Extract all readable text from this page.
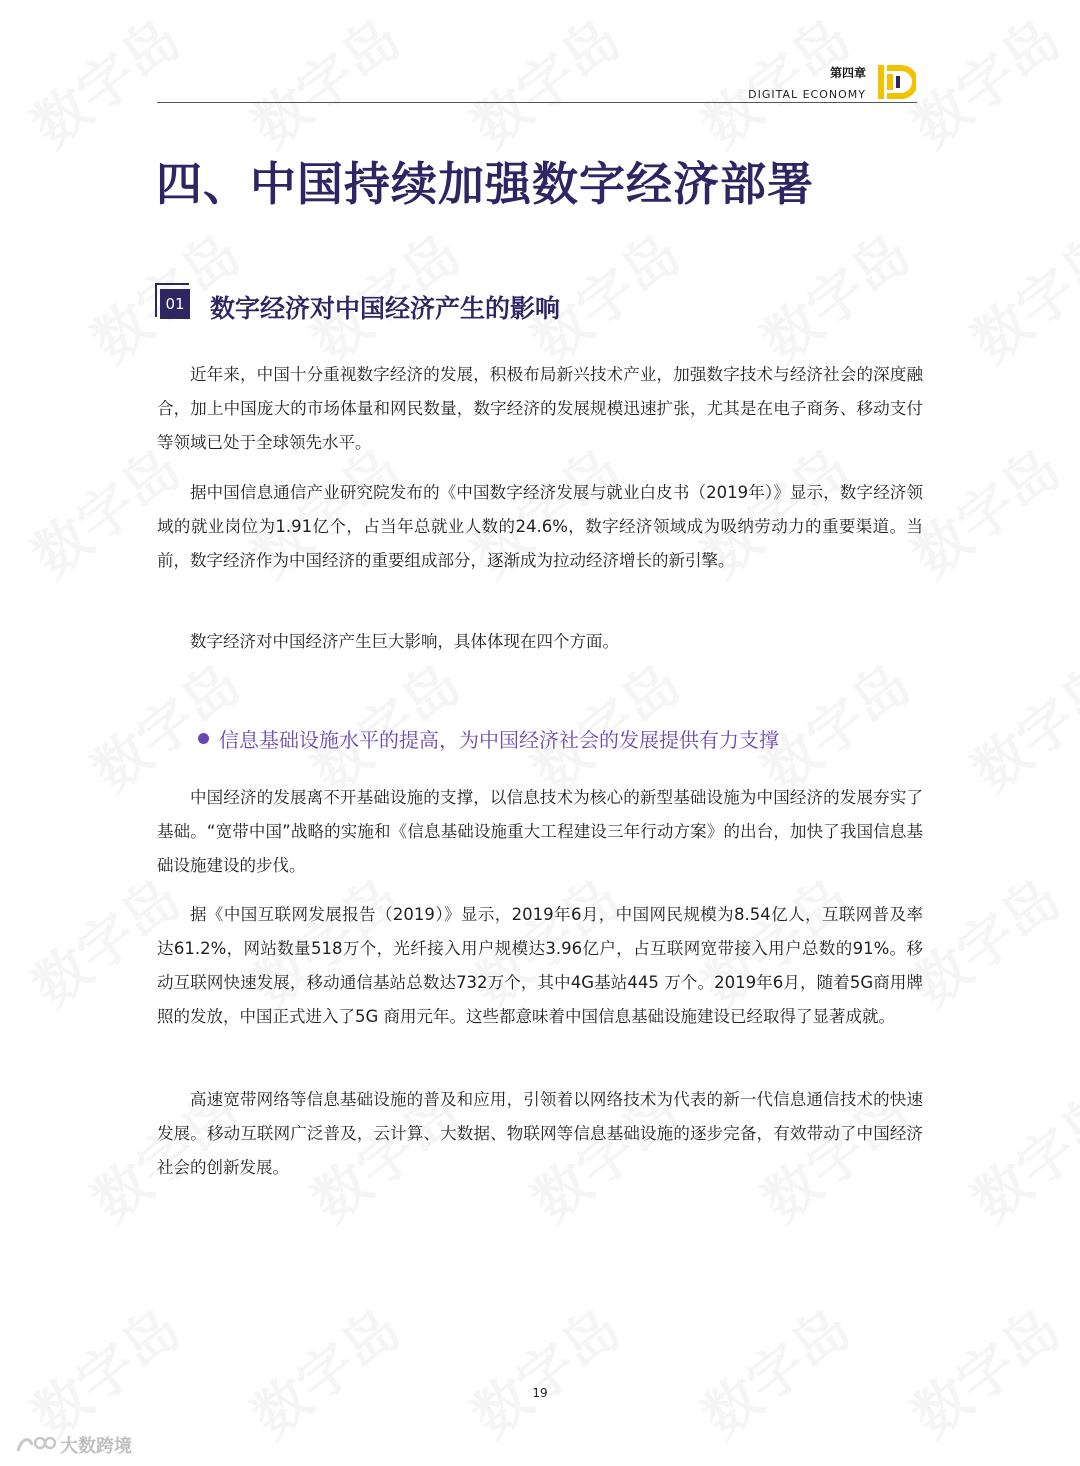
第四章
DIGITAL ECONOMY
四、中国持续加强数字经济部署
01 数字经济对中国经济产生的影响

近年来，中国十分重视数字经济的发展，积极布局新兴技术产业，加强数字技术与经济社会的深度融合，加上中国庞大的市场体量和网民数量，数字经济的发展规模迅速扩张，尤其是在电子商务、移动支付等领域已处于全球领先水平。

据中国信息通信产业研究院发布的《中国数字经济发展与就业白皮书（2019年）》显示，数字经济领域的就业岗位为1.91亿个，占当年总就业人数的24.6%，数字经济领域成为吸纳劳动力的重要渠道。当前，数字经济作为中国经济的重要组成部分，逐渐成为拉动经济增长的新引擎。

数字经济对中国经济产生巨大影响，具体体现在四个方面。

信息基础设施水平的提高，为中国经济社会的发展提供有力支撑

中国经济的发展离不开基础设施的支撑，以信息技术为核心的新型基础设施为中国经济的发展夯实了基础。“宽带中国”战略的实施和《信息基础设施重大工程建设三年行动方案》的出台，加快了我国信息基础设施建设的步伐。

据《中国互联网发展报告（2019）》显示，2019年6月，中国网民规模为8.54亿人，互联网普及率达61.2%，网站数量518万个，光纤接入用户规模达3.96亿户，占互联网宽带接入用户总数的91%。移动互联网快速发展，移动通信基站总数达732万个，其中4G基站445 万个。2019年6月，随着5G商用牌照的发放，中国正式进入了5G 商用元年。这些都意味着中国信息基础设施建设已经取得了显著成就。

高速宽带网络等信息基础设施的普及和应用，引领着以网络技术为代表的新一代信息通信技术的快速发展。移动互联网广泛普及，云计算、大数据、物联网等信息基础设施的逐步完备，有效带动了中国经济社会的创新发展。

19
大数跨境
